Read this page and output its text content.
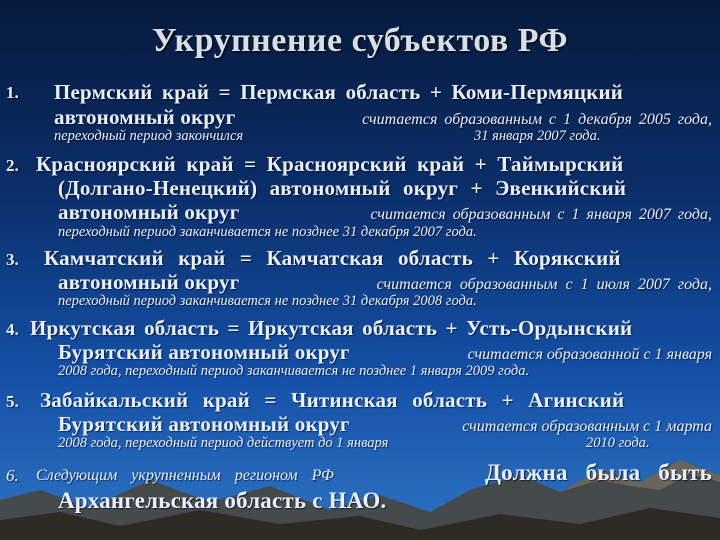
Укрупнение субъектов РФ
1. Пермский край = Пермская область + Коми-Пермяцкий
автономный округ	считается образованным с 1 декабря 2005 года,
переходный период закончился	31 января 2007 года.
2. Красноярский край = Красноярский край + Таймырский
(Долгано-Ненецкий) автономный округ + Эвенкийский
автономный округ	считается образованным с 1 января 2007 года,
переходный период заканчивается не позднее 31 декабря 2007 года.
3. Камчатский край = Камчатская область + Корякский
автономный округ	считается образованным с 1 июля 2007 года,
переходный период заканчивается не позднее 31 декабря 2008 года.
4. Иркутская область = Иркутская область + Усть-Ордынский
Бурятский автономный округ	считается образованной с 1 января
2008 года, переходный период заканчивается не позднее 1 января 2009 года.
5. Забайкальский край = Читинская область + Агинский
Бурятский автономный округ	считается образованным с 1 марта
2008 года, переходный период действует до 1 января	2010 года.
6. Следующим укрупненным регионом РФ	Должна была быть
Архангельская область с НАО.
